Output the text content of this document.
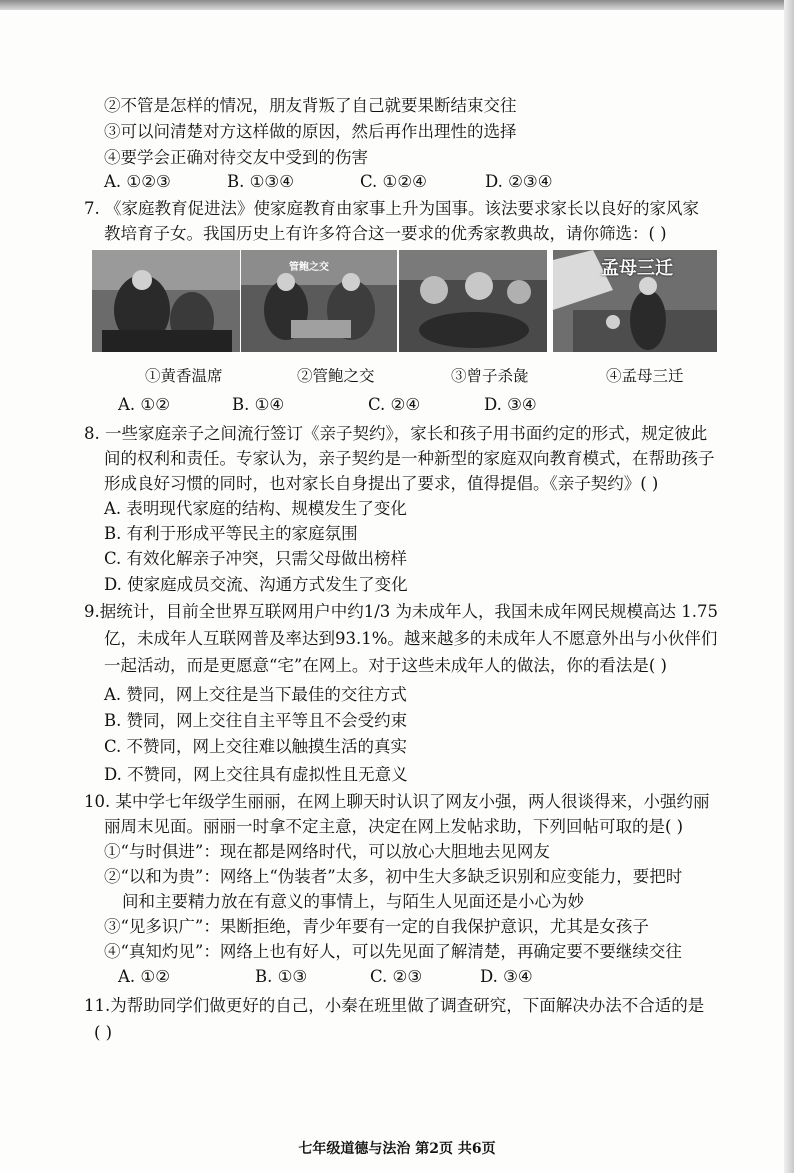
②不管是怎样的情况，朋友背叛了自己就要果断结束交往
③可以问清楚对方这样做的原因，然后再作出理性的选择
④要学会正确对待交友中受到的伤害
A. ①②③	B. ①③④	C. ①②④	D. ②③④
7. 《家庭教育促进法》使家庭教育由家事上升为国事。该法要求家长以良好的家风家
教培育子女。我国历史上有许多符合这一要求的优秀家教典故，请你筛选：( )
管鲍之交	孟母三迁
①黄香温席	②管鲍之交	③曾子杀彘	④孟母三迁
A. ①②	B. ①④	C. ②④	D. ③④
8. 一些家庭亲子之间流行签订《亲子契约》，家长和孩子用书面约定的形式，规定彼此
间的权利和责任。专家认为，亲子契约是一种新型的家庭双向教育模式，在帮助孩子
形成良好习惯的同时，也对家长自身提出了要求，值得提倡。《亲子契约》( )
A. 表明现代家庭的结构、规模发生了变化
B. 有利于形成平等民主的家庭氛围
C. 有效化解亲子冲突，只需父母做出榜样
D. 使家庭成员交流、沟通方式发生了变化
9.据统计，目前全世界互联网用户中约1/3 为未成年人，我国未成年网民规模高达 1.75
亿，未成年人互联网普及率达到93.1%。越来越多的未成年人不愿意外出与小伙伴们
一起活动，而是更愿意“宅”在网上。对于这些未成年人的做法，你的看法是( )
A. 赞同，网上交往是当下最佳的交往方式
B. 赞同，网上交往自主平等且不会受约束
C. 不赞同，网上交往难以触摸生活的真实
D. 不赞同，网上交往具有虚拟性且无意义
10. 某中学七年级学生丽丽，在网上聊天时认识了网友小强，两人很谈得来，小强约丽
丽周末见面。丽丽一时拿不定主意，决定在网上发帖求助，下列回帖可取的是( )
①“与时俱进”：现在都是网络时代，可以放心大胆地去见网友
②“以和为贵”：网络上“伪装者”太多，初中生大多缺乏识别和应变能力，要把时
间和主要精力放在有意义的事情上，与陌生人见面还是小心为妙
③“见多识广”：果断拒绝，青少年要有一定的自我保护意识，尤其是女孩子
④“真知灼见”：网络上也有好人，可以先见面了解清楚，再确定要不要继续交往
A. ①②	B. ①③	C. ②③	D. ③④
11.为帮助同学们做更好的自己，小秦在班里做了调查研究，下面解决办法不合适的是
( )
七年级道德与法治 第2页 共6页
